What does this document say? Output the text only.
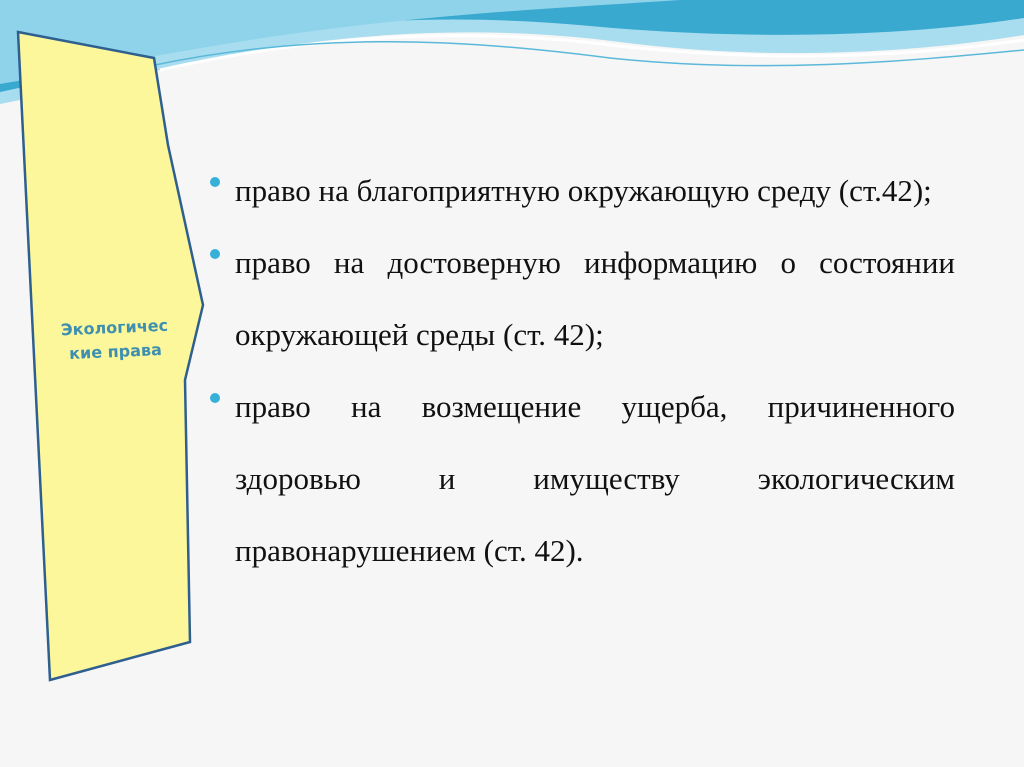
Экологичес
кие права
право на благоприятную окружающую среду (ст.42);
право на достоверную информацию о состоянии окружающей среды (ст. 42);
право на возмещение ущерба, причиненного здоровью и имуществу экологическим правонарушением (ст. 42).
